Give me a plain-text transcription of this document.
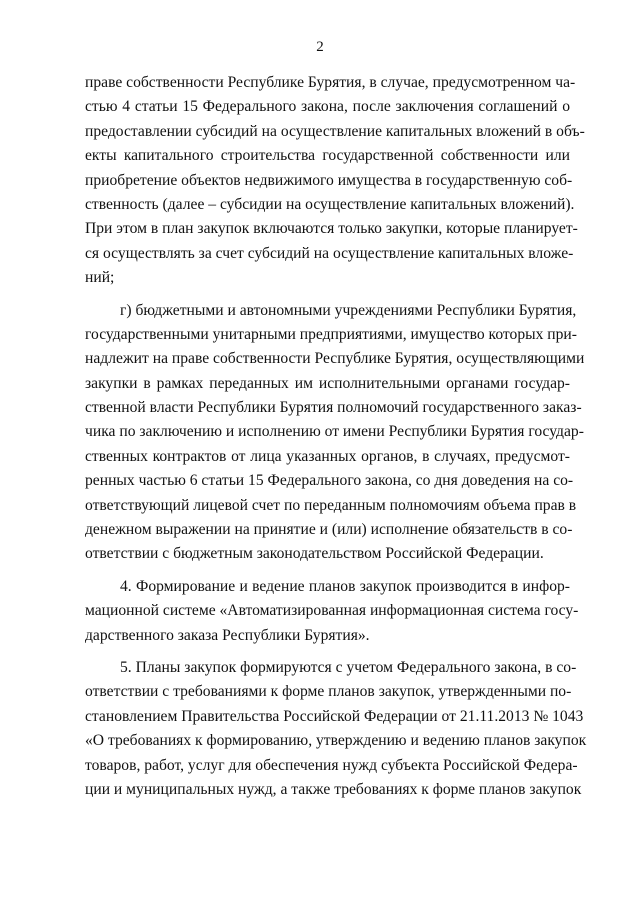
2
праве собственности Республике Бурятия, в случае, предусмотренном ча-
стью 4 статьи 15 Федерального закона, после заключения соглашений о
предоставлении субсидий на осуществление капитальных вложений в объ-
екты капитального строительства государственной собственности или
приобретение объектов недвижимого имущества в государственную соб-
ственность (далее – субсидии на осуществление капитальных вложений).
При этом в план закупок включаются только закупки, которые планирует-
ся осуществлять за счет субсидий на осуществление капитальных вложе-
ний;
г) бюджетными и автономными учреждениями Республики Бурятия,
государственными унитарными предприятиями, имущество которых при-
надлежит на праве собственности Республике Бурятия, осуществляющими
закупки в рамках переданных им исполнительными органами государ-
ственной власти Республики Бурятия полномочий государственного заказ-
чика по заключению и исполнению от имени Республики Бурятия государ-
ственных контрактов от лица указанных органов, в случаях, предусмот-
ренных частью 6 статьи 15 Федерального закона, со дня доведения на со-
ответствующий лицевой счет по переданным полномочиям объема прав в
денежном выражении на принятие и (или) исполнение обязательств в со-
ответствии с бюджетным законодательством Российской Федерации.
4. Формирование и ведение планов закупок производится в инфор-
мационной системе «Автоматизированная информационная система госу-
дарственного заказа Республики Бурятия».
5. Планы закупок формируются с учетом Федерального закона, в со-
ответствии с требованиями к форме планов закупок, утвержденными по-
становлением Правительства Российской Федерации от 21.11.2013 № 1043
«О требованиях к формированию, утверждению и ведению планов закупок
товаров, работ, услуг для обеспечения нужд субъекта Российской Федера-
ции и муниципальных нужд, а также требованиях к форме планов закупок
